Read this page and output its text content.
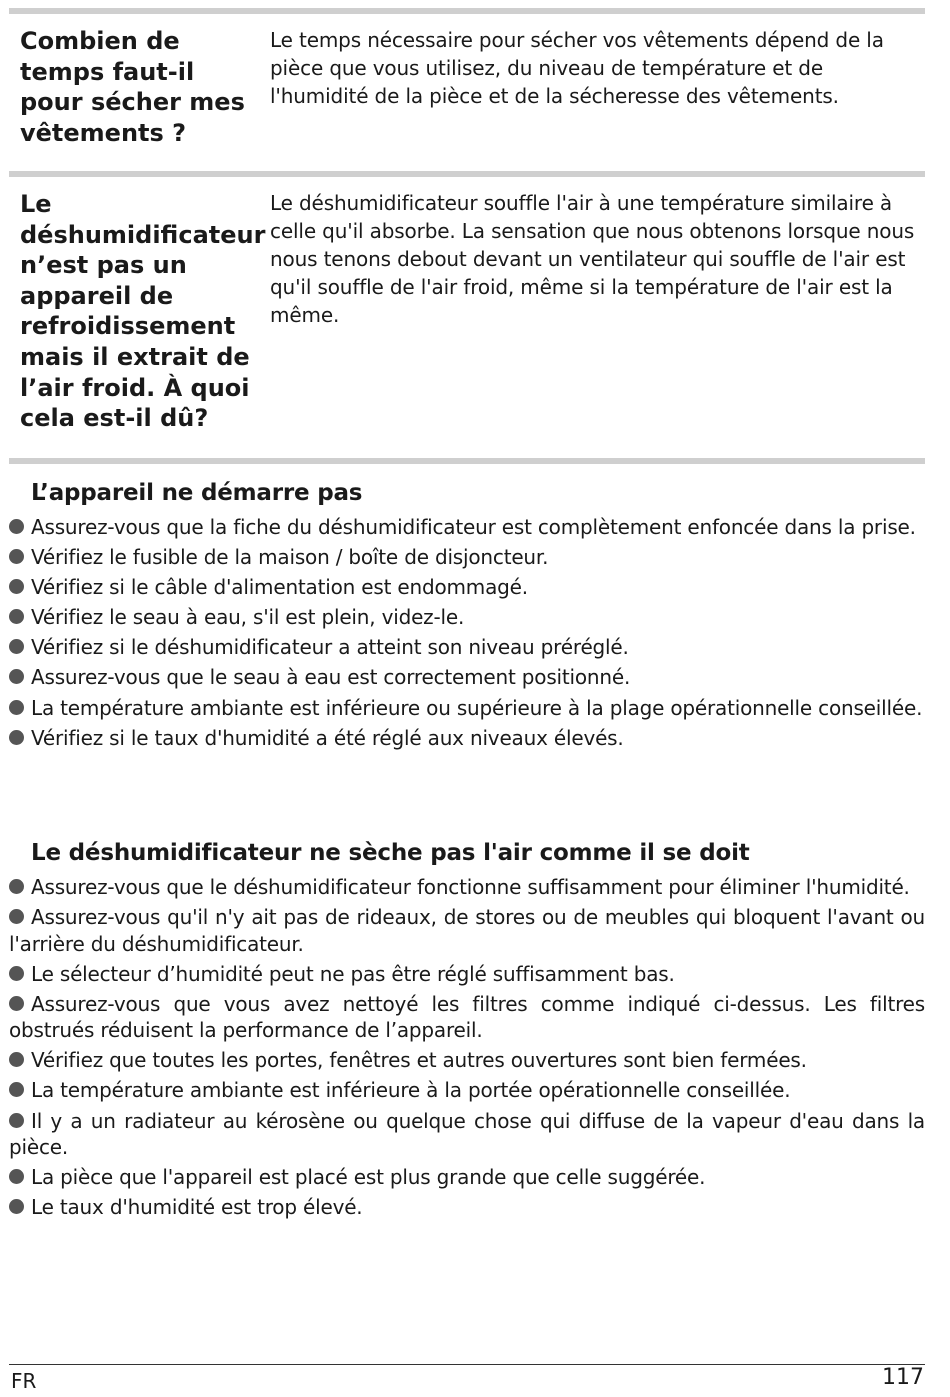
Combien de temps faut-il pour sécher mes vêtements ?
Le temps nécessaire pour sécher vos vêtements dépend de la pièce que vous utilisez, du niveau de température et de l'humidité de la pièce et de la sécheresse des vêtements.
Le déshumidificateur n’est pas un appareil de refroidissement mais il extrait de l’air froid. À quoi cela est-il dû?
Le déshumidificateur souffle l'air à une température similaire à celle qu'il absorbe. La sensation que nous obtenons lorsque nous nous tenons debout devant un ventilateur qui souffle de l'air est qu'il souffle de l'air froid, même si la température de l'air est la même.
L’appareil ne démarre pas
Assurez-vous que la fiche du déshumidificateur est complètement enfoncée dans la prise.
Vérifiez le fusible de la maison / boîte de disjoncteur.
Vérifiez si le câble d'alimentation est endommagé.
Vérifiez le seau à eau, s'il est plein, videz-le.
Vérifiez si le déshumidificateur a atteint son niveau préréglé.
Assurez-vous que le seau à eau est correctement positionné.
La température ambiante est inférieure ou supérieure à la plage opérationnelle conseillée.
Vérifiez si le taux d'humidité a été réglé aux niveaux élevés.
Le déshumidificateur ne sèche pas l'air comme il se doit
Assurez-vous que le déshumidificateur fonctionne suffisamment pour éliminer l'humidité.
Assurez-vous qu'il n'y ait pas de rideaux, de stores ou de meubles qui bloquent l'avant ou l'arrière du déshumidificateur.
Le sélecteur d’humidité peut ne pas être réglé suffisamment bas.
Assurez-vous que vous avez nettoyé les filtres comme indiqué ci-dessus. Les filtres obstrués réduisent la performance de l’appareil.
Vérifiez que toutes les portes, fenêtres et autres ouvertures sont bien fermées.
La température ambiante est inférieure à la portée opérationnelle conseillée.
Il y a un radiateur au kérosène ou quelque chose qui diffuse de la vapeur d'eau dans la pièce.
La pièce que l'appareil est placé est plus grande que celle suggérée.
Le taux d'humidité est trop élevé.
FR	117
